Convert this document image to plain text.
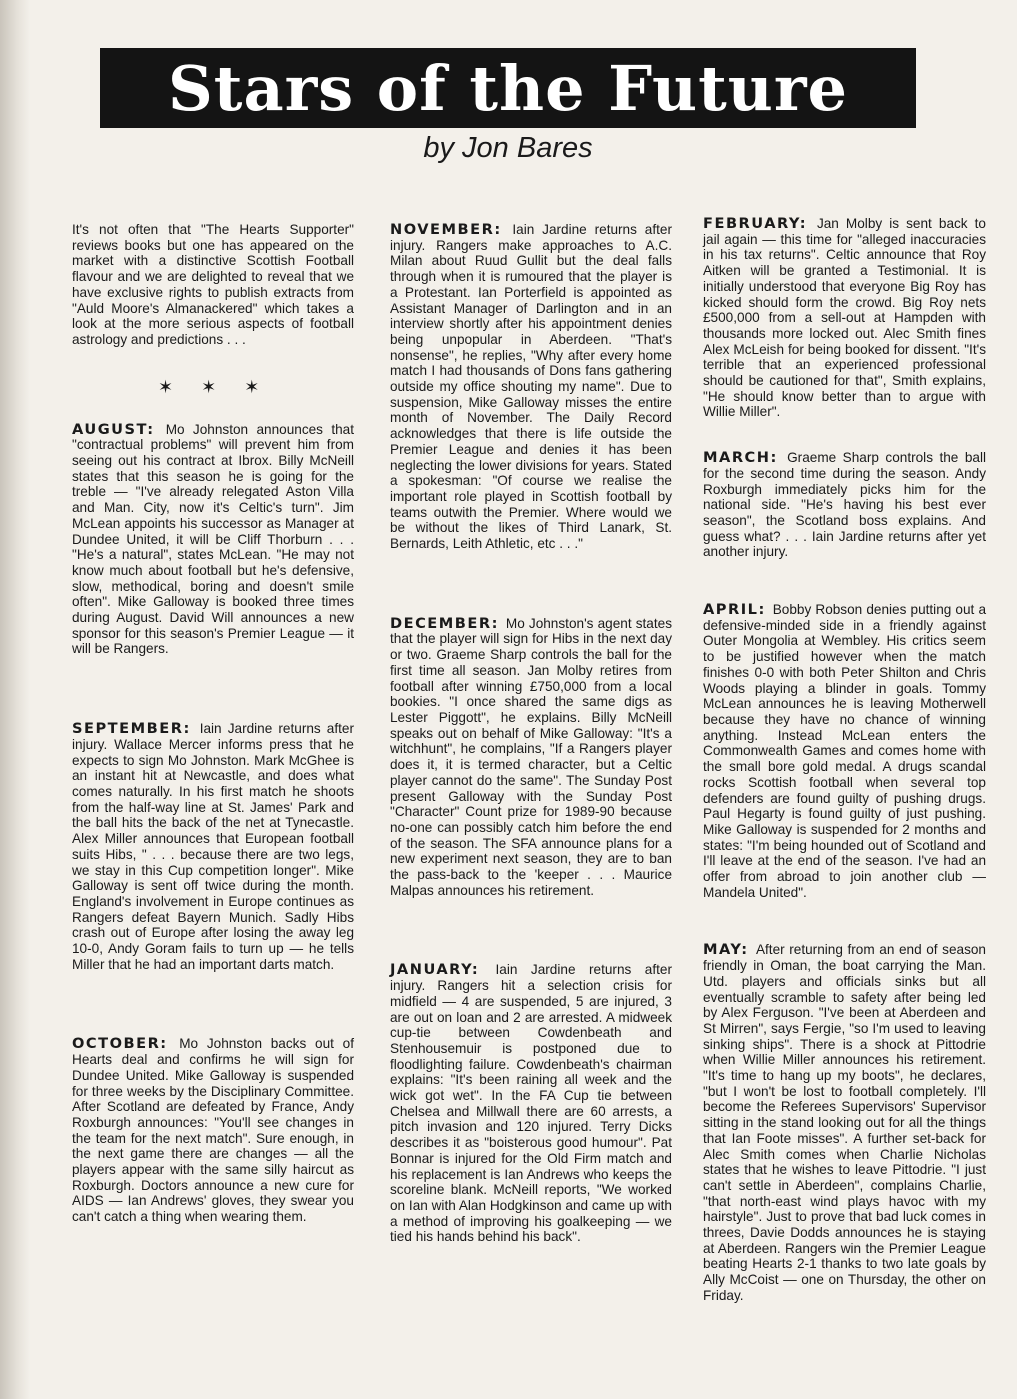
Stars of the Future
by Jon Bares

It's not often that "The Hearts Supporter" reviews books but one has appeared on the market with a distinctive Scottish Football flavour and we are delighted to reveal that we have exclusive rights to publish extracts from "Auld Moore's Almanackered" which takes a look at the more serious aspects of football astrology and predictions . . .

✶ ✶ ✶

AUGUST: Mo Johnston announces that "contractual problems" will prevent him from seeing out his contract at Ibrox. Billy McNeill states that this season he is going for the treble — "I've already relegated Aston Villa and Man. City, now it's Celtic's turn". Jim McLean appoints his successor as Manager at Dundee United, it will be Cliff Thorburn . . . "He's a natural", states McLean. "He may not know much about football but he's defensive, slow, methodical, boring and doesn't smile often". Mike Galloway is booked three times during August. David Will announces a new sponsor for this season's Premier League — it will be Rangers.

SEPTEMBER: Iain Jardine returns after injury. Wallace Mercer informs press that he expects to sign Mo Johnston. Mark McGhee is an instant hit at Newcastle, and does what comes naturally. In his first match he shoots from the half-way line at St. James' Park and the ball hits the back of the net at Tynecastle. Alex Miller announces that European football suits Hibs, " . . . because there are two legs, we stay in this Cup competition longer". Mike Galloway is sent off twice during the month. England's involvement in Europe continues as Rangers defeat Bayern Munich. Sadly Hibs crash out of Europe after losing the away leg 10-0, Andy Goram fails to turn up — he tells Miller that he had an important darts match.

OCTOBER: Mo Johnston backs out of Hearts deal and confirms he will sign for Dundee United. Mike Galloway is suspended for three weeks by the Disciplinary Committee. After Scotland are defeated by France, Andy Roxburgh announces: "You'll see changes in the team for the next match". Sure enough, in the next game there are changes — all the players appear with the same silly haircut as Roxburgh. Doctors announce a new cure for AIDS — Ian Andrews' gloves, they swear you can't catch a thing when wearing them.

NOVEMBER: Iain Jardine returns after injury. Rangers make approaches to A.C. Milan about Ruud Gullit but the deal falls through when it is rumoured that the player is a Protestant. Ian Porterfield is appointed as Assistant Manager of Darlington and in an interview shortly after his appointment denies being unpopular in Aberdeen. "That's nonsense", he replies, "Why after every home match I had thousands of Dons fans gathering outside my office shouting my name". Due to suspension, Mike Galloway misses the entire month of November. The Daily Record acknowledges that there is life outside the Premier League and denies it has been neglecting the lower divisions for years. Stated a spokesman: "Of course we realise the important role played in Scottish football by teams outwith the Premier. Where would we be without the likes of Third Lanark, St. Bernards, Leith Athletic, etc . . ."

DECEMBER: Mo Johnston's agent states that the player will sign for Hibs in the next day or two. Graeme Sharp controls the ball for the first time all season. Jan Molby retires from football after winning £750,000 from a local bookies. "I once shared the same digs as Lester Piggott", he explains. Billy McNeill speaks out on behalf of Mike Galloway: "It's a witchhunt", he complains, "If a Rangers player does it, it is termed character, but a Celtic player cannot do the same". The Sunday Post present Galloway with the Sunday Post "Character" Count prize for 1989-90 because no-one can possibly catch him before the end of the season. The SFA announce plans for a new experiment next season, they are to ban the pass-back to the 'keeper . . . Maurice Malpas announces his retirement.

JANUARY: Iain Jardine returns after injury. Rangers hit a selection crisis for midfield — 4 are suspended, 5 are injured, 3 are out on loan and 2 are arrested. A midweek cup-tie between Cowdenbeath and Stenhousemuir is postponed due to floodlighting failure. Cowdenbeath's chairman explains: "It's been raining all week and the wick got wet". In the FA Cup tie between Chelsea and Millwall there are 60 arrests, a pitch invasion and 120 injured. Terry Dicks describes it as "boisterous good humour". Pat Bonnar is injured for the Old Firm match and his replacement is Ian Andrews who keeps the scoreline blank. McNeill reports, "We worked on Ian with Alan Hodgkinson and came up with a method of improving his goalkeeping — we tied his hands behind his back".

FEBRUARY: Jan Molby is sent back to jail again — this time for "alleged inaccuracies in his tax returns". Celtic announce that Roy Aitken will be granted a Testimonial. It is initially understood that everyone Big Roy has kicked should form the crowd. Big Roy nets £500,000 from a sell-out at Hampden with thousands more locked out. Alec Smith fines Alex McLeish for being booked for dissent. "It's terrible that an experienced professional should be cautioned for that", Smith explains, "He should know better than to argue with Willie Miller".

MARCH: Graeme Sharp controls the ball for the second time during the season. Andy Roxburgh immediately picks him for the national side. "He's having his best ever season", the Scotland boss explains. And guess what? . . . Iain Jardine returns after yet another injury.

APRIL: Bobby Robson denies putting out a defensive-minded side in a friendly against Outer Mongolia at Wembley. His critics seem to be justified however when the match finishes 0-0 with both Peter Shilton and Chris Woods playing a blinder in goals. Tommy McLean announces he is leaving Motherwell because they have no chance of winning anything. Instead McLean enters the Commonwealth Games and comes home with the small bore gold medal. A drugs scandal rocks Scottish football when several top defenders are found guilty of pushing drugs. Paul Hegarty is found guilty of just pushing. Mike Galloway is suspended for 2 months and states: "I'm being hounded out of Scotland and I'll leave at the end of the season. I've had an offer from abroad to join another club — Mandela United".

MAY: After returning from an end of season friendly in Oman, the boat carrying the Man. Utd. players and officials sinks but all eventually scramble to safety after being led by Alex Ferguson. "I've been at Aberdeen and St Mirren", says Fergie, "so I'm used to leaving sinking ships". There is a shock at Pittodrie when Willie Miller announces his retirement. "It's time to hang up my boots", he declares, "but I won't be lost to football completely. I'll become the Referees Supervisors' Supervisor sitting in the stand looking out for all the things that Ian Foote misses". A further set-back for Alec Smith comes when Charlie Nicholas states that he wishes to leave Pittodrie. "I just can't settle in Aberdeen", complains Charlie, "that north-east wind plays havoc with my hairstyle". Just to prove that bad luck comes in threes, Davie Dodds announces he is staying at Aberdeen. Rangers win the Premier League beating Hearts 2-1 thanks to two late goals by Ally McCoist — one on Thursday, the other on Friday.
